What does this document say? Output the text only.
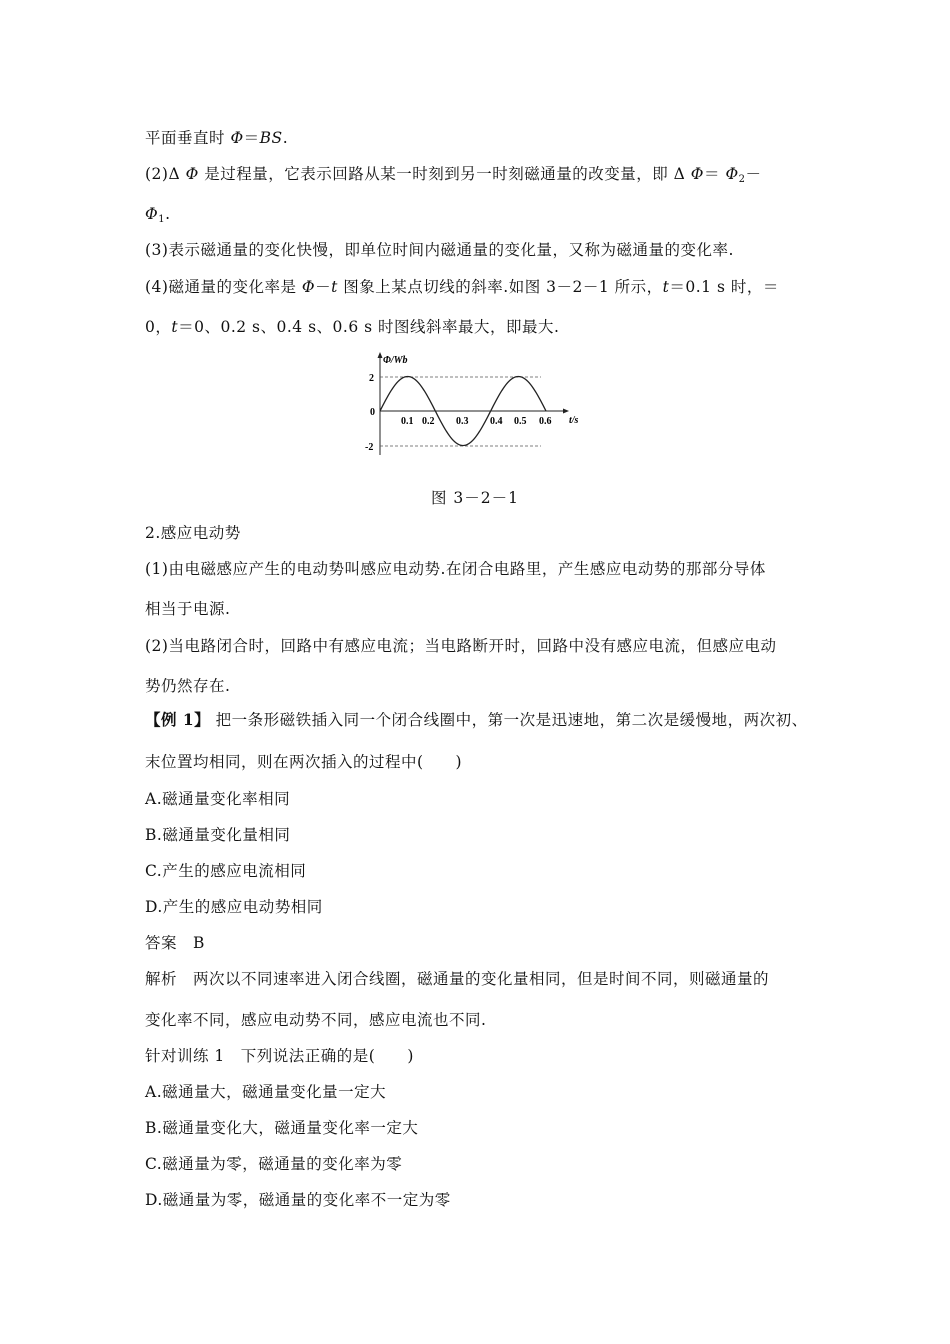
平面垂直时 Φ＝BS.
(2)Δ Φ 是过程量，它表示回路从某一时刻到另一时刻磁通量的改变量，即 Δ $\Phi= \Phi_2-$
$\Phi_1$.
(3)表示磁通量的变化快慢，即单位时间内磁通量的变化量，又称为磁通量的变化率.
(4)磁通量的变化率是 Φ－t 图象上某点切线的斜率.如图 3－2－1 所示，t＝0.1 s 时，＝
0，t＝0、0.2 s、0.4 s、0.6 s 时图线斜率最大，即最大.
Φ/Wb
t/s
0
2
-2
0.1 0.2 0.3 0.4 0.5 0.6
图 3－2－1
2.感应电动势
(1)由电磁感应产生的电动势叫感应电动势.在闭合电路里，产生感应电动势的那部分导体
相当于电源.
(2)当电路闭合时，回路中有感应电流；当电路断开时，回路中没有感应电流，但感应电动
势仍然存在.
【例 1】 把一条形磁铁插入同一个闭合线圈中，第一次是迅速地，第二次是缓慢地，两次初、
末位置均相同，则在两次插入的过程中(　　)
A.磁通量变化率相同
B.磁通量变化量相同
C.产生的感应电流相同
D.产生的感应电动势相同
答案　B
解析　两次以不同速率进入闭合线圈，磁通量的变化量相同，但是时间不同，则磁通量的
变化率不同，感应电动势不同，感应电流也不同.
针对训练 1　下列说法正确的是(　　)
A.磁通量大，磁通量变化量一定大
B.磁通量变化大，磁通量变化率一定大
C.磁通量为零，磁通量的变化率为零
D.磁通量为零，磁通量的变化率不一定为零
